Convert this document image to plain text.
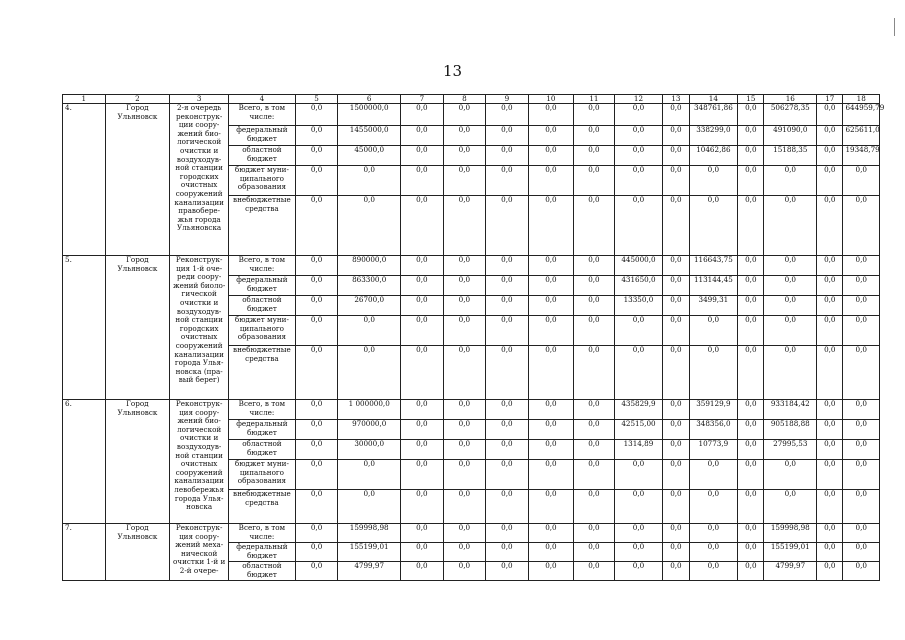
13
1	2	3	4	5	6	7	8	9	10	11	12	13	14	15	16	17	18
4.	Город Ульяновск	2-я очередь реконструк-ции соору-жений био-логической очистки и воздуходув-ной станции городских очистных сооружений канализации правобере-жья города Ульяновска	Всего, в том числе:	0,0	1500000,0	0,0	0,0	0,0	0,0	0,0	0,0	0,0	348761,86	0,0	506278,35	0,0	644959,79
			федеральный бюджет	0,0	1455000,0	0,0	0,0	0,0	0,0	0,0	0,0	0,0	338299,0	0,0	491090,0	0,0	625611,0
			областной бюджет	0,0	45000,0	0,0	0,0	0,0	0,0	0,0	0,0	0,0	10462,86	0,0	15188,35	0,0	19348,79
			бюджет муни-ципального образования	0,0	0,0	0,0	0,0	0,0	0,0	0,0	0,0	0,0	0,0	0,0	0,0	0,0	0,0
			внебюджетные средства	0,0	0,0	0,0	0,0	0,0	0,0	0,0	0,0	0,0	0,0	0,0	0,0	0,0	0,0
5.	Город Ульяновск	Реконструк-ция 1-й оче-реди соору-жений биоло-гической очистки и воздуходув-ной станции городских очистных сооружений канализации города Улья-новска (пра-вый берег)	Всего, в том числе:	0,0	890000,0	0,0	0,0	0,0	0,0	0,0	445000,0	0,0	116643,75	0,0	0,0	0,0	0,0
			федеральный бюджет	0,0	863300,0	0,0	0,0	0,0	0,0	0,0	431650,0	0,0	113144,45	0,0	0,0	0,0	0,0
			областной бюджет	0,0	26700,0	0,0	0,0	0,0	0,0	0,0	13350,0	0,0	3499,31	0,0	0,0	0,0	0,0
			бюджет муни-ципального образования	0,0	0,0	0,0	0,0	0,0	0,0	0,0	0,0	0,0	0,0	0,0	0,0	0,0	0,0
			внебюджетные средства	0,0	0,0	0,0	0,0	0,0	0,0	0,0	0,0	0,0	0,0	0,0	0,0	0,0	0,0
6.	Город Ульяновск	Реконструк-ция соору-жений био-логической очистки и воздуходув-ной станции очистных сооружений канализации левобережья города Улья-новска	Всего, в том числе:	0,0	1 000000,0	0,0	0,0	0,0	0,0	0,0	435829,9	0,0	359129,9	0,0	933184,42	0,0	0,0
			федеральный бюджет	0,0	970000,0	0,0	0,0	0,0	0,0	0,0	42515,00	0,0	348356,0	0,0	905188,88	0,0	0,0
			областной бюджет	0,0	30000,0	0,0	0,0	0,0	0,0	0,0	1314,89	0,0	10773,9	0,0	27995,53	0,0	0,0
			бюджет муни-ципального образования	0,0	0,0	0,0	0,0	0,0	0,0	0,0	0,0	0,0	0,0	0,0	0,0	0,0	0,0
			внебюджетные средства	0,0	0,0	0,0	0,0	0,0	0,0	0,0	0,0	0,0	0,0	0,0	0,0	0,0	0,0
7.	Город Ульяновск	Реконструк-ция соору-жений меха-нической очистки 1-й и 2-й очере-	Всего, в том числе:	0,0	159998,98	0,0	0,0	0,0	0,0	0,0	0,0	0,0	0,0	0,0	159998,98	0,0	0,0
			федеральный бюджет	0,0	155199,01	0,0	0,0	0,0	0,0	0,0	0,0	0,0	0,0	0,0	155199,01	0,0	0,0
			областной бюджет	0,0	4799,97	0,0	0,0	0,0	0,0	0,0	0,0	0,0	0,0	0,0	4799,97	0,0	0,0
